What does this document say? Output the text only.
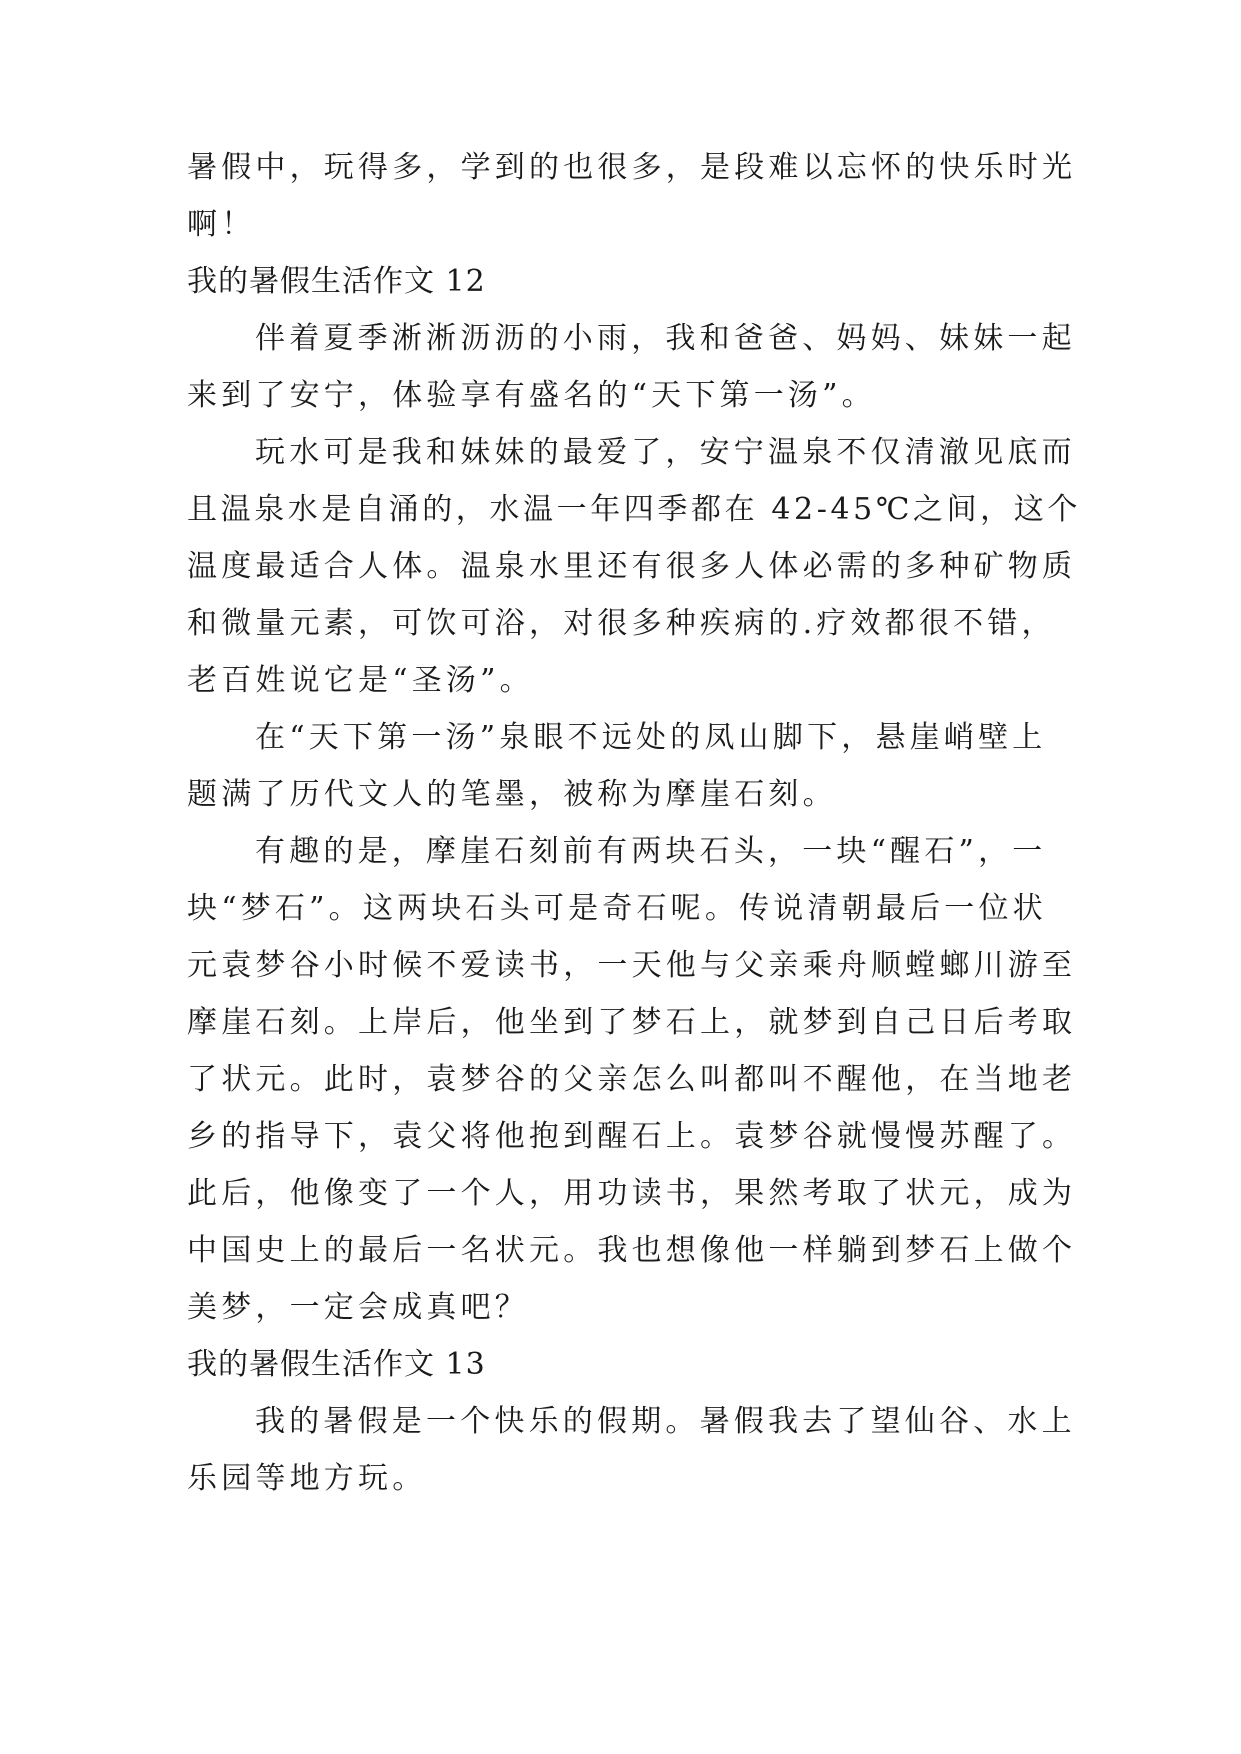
暑假中，玩得多，学到的也很多，是段难以忘怀的快乐时光
啊！
我的暑假生活作文 12
伴着夏季淅淅沥沥的小雨，我和爸爸、妈妈、妹妹一起
来到了安宁，体验享有盛名的“天下第一汤”。
玩水可是我和妹妹的最爱了，安宁温泉不仅清澈见底而
且温泉水是自涌的，水温一年四季都在 42-45℃之间，这个
温度最适合人体。温泉水里还有很多人体必需的多种矿物质
和微量元素，可饮可浴，对很多种疾病的.疗效都很不错，
老百姓说它是“圣汤”。
在“天下第一汤”泉眼不远处的凤山脚下，悬崖峭壁上
题满了历代文人的笔墨，被称为摩崖石刻。
有趣的是，摩崖石刻前有两块石头，一块“醒石”，一
块“梦石”。这两块石头可是奇石呢。传说清朝最后一位状
元袁梦谷小时候不爱读书，一天他与父亲乘舟顺螳螂川游至
摩崖石刻。上岸后，他坐到了梦石上，就梦到自己日后考取
了状元。此时，袁梦谷的父亲怎么叫都叫不醒他，在当地老
乡的指导下，袁父将他抱到醒石上。袁梦谷就慢慢苏醒了。
此后，他像变了一个人，用功读书，果然考取了状元，成为
中国史上的最后一名状元。我也想像他一样躺到梦石上做个
美梦，一定会成真吧？
我的暑假生活作文 13
我的暑假是一个快乐的假期。暑假我去了望仙谷、水上
乐园等地方玩。
